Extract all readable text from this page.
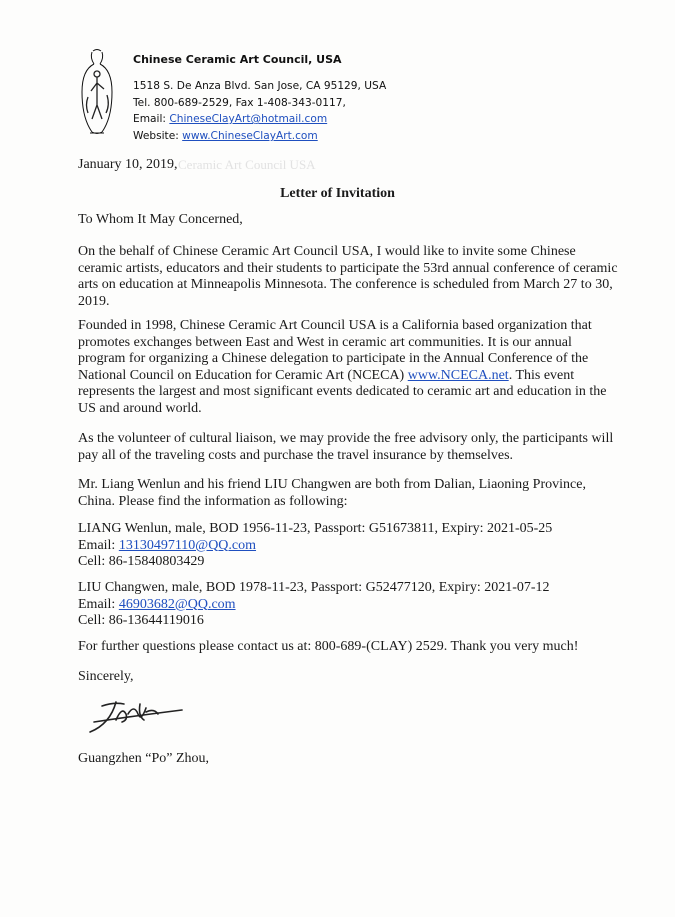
Chinese Ceramic Art Council, USA
1518 S. De Anza Blvd. San Jose, CA 95129, USA
Tel. 800-689-2529, Fax 1-408-343-0117,
Email: ChineseClayArt@hotmail.com
Website: www.ChineseClayArt.com
January 10, 2019, Ceramic Art Council USA
Letter of Invitation
To Whom It May Concerned,
On the behalf of Chinese Ceramic Art Council USA, I would like to invite some Chinese
ceramic artists, educators and their students to participate the 53rd annual conference of ceramic
arts on education at Minneapolis Minnesota. The conference is scheduled from March 27 to 30,
2019.
Founded in 1998, Chinese Ceramic Art Council USA is a California based organization that
promotes exchanges between East and West in ceramic art communities. It is our annual
program for organizing a Chinese delegation to participate in the Annual Conference of the
National Council on Education for Ceramic Art (NCECA) www.NCECA.net. This event
represents the largest and most significant events dedicated to ceramic art and education in the
US and around world.
As the volunteer of cultural liaison, we may provide the free advisory only, the participants will
pay all of the traveling costs and purchase the travel insurance by themselves.
Mr. Liang Wenlun and his friend LIU Changwen are both from Dalian, Liaoning Province,
China. Please find the information as following:
LIANG Wenlun, male, BOD 1956-11-23, Passport: G51673811, Expiry: 2021-05-25
Email: 13130497110@QQ.com
Cell: 86-15840803429
LIU Changwen, male, BOD 1978-11-23, Passport: G52477120, Expiry: 2021-07-12
Email: 46903682@QQ.com
Cell: 86-13644119016
For further questions please contact us at: 800-689-(CLAY) 2529. Thank you very much!
Sincerely,
Guangzhen “Po” Zhou,
